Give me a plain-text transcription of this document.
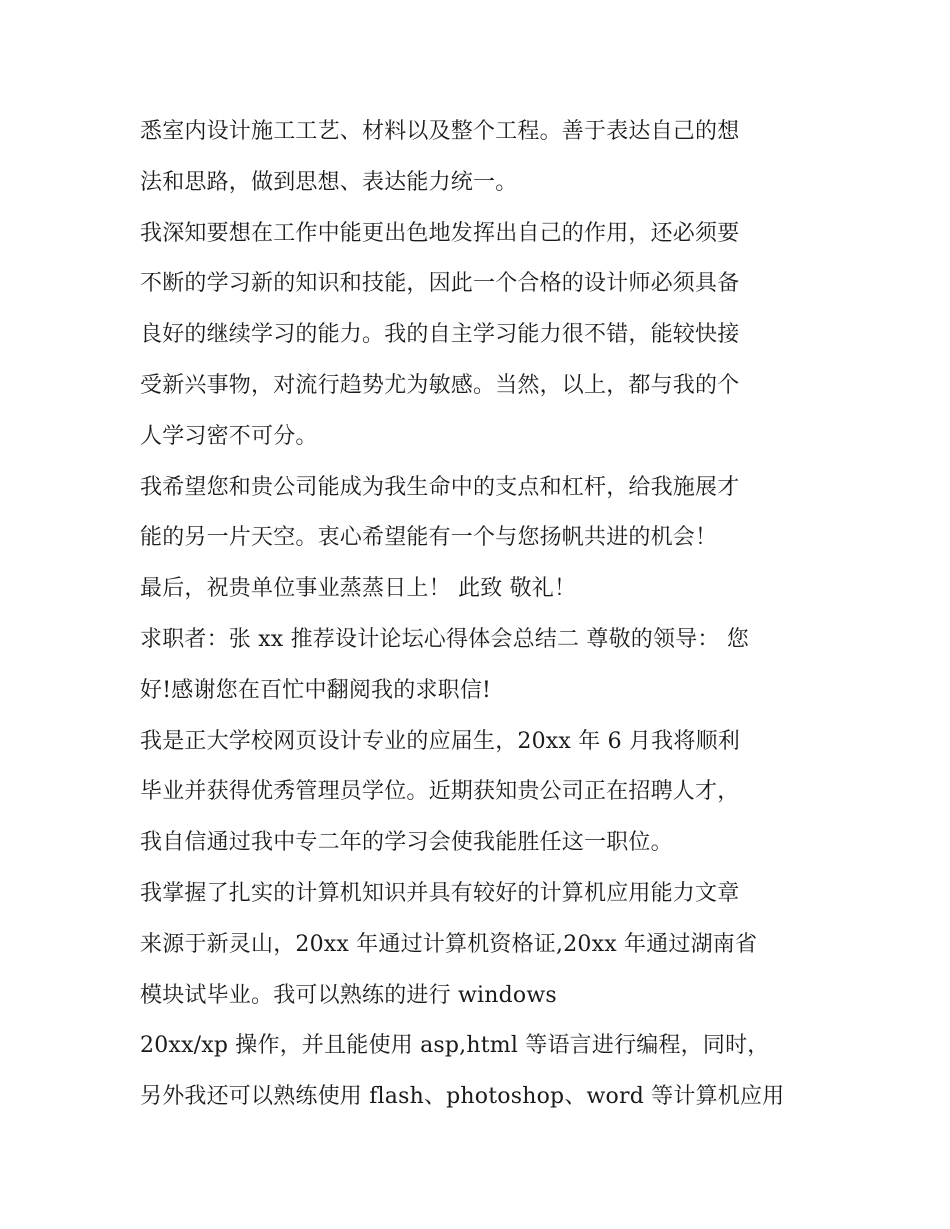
悉室内设计施工工艺、材料以及整个工程。善于表达自己的想
法和思路，做到思想、表达能力统一。
我深知要想在工作中能更出色地发挥出自己的作用，还必须要
不断的学习新的知识和技能，因此一个合格的设计师必须具备
良好的继续学习的能力。我的自主学习能力很不错，能较快接
受新兴事物，对流行趋势尤为敏感。当然，以上，都与我的个
人学习密不可分。
我希望您和贵公司能成为我生命中的支点和杠杆，给我施展才
能的另一片天空。衷心希望能有一个与您扬帆共进的机会！
最后，祝贵单位事业蒸蒸日上！ 此致 敬礼！
求职者：张 xx 推荐设计论坛心得体会总结二 尊敬的领导： 您
好!感谢您在百忙中翻阅我的求职信!
我是正大学校网页设计专业的应届生，20xx 年 6 月我将顺利
毕业并获得优秀管理员学位。近期获知贵公司正在招聘人才，
我自信通过我中专二年的学习会使我能胜任这一职位。
我掌握了扎实的计算机知识并具有较好的计算机应用能力文章
来源于新灵山，20xx 年通过计算机资格证,20xx 年通过湖南省
模块试毕业。我可以熟练的进行 windows
20xx/xp 操作，并且能使用 asp,html 等语言进行编程，同时，
另外我还可以熟练使用 flash、photoshop、word 等计算机应用
